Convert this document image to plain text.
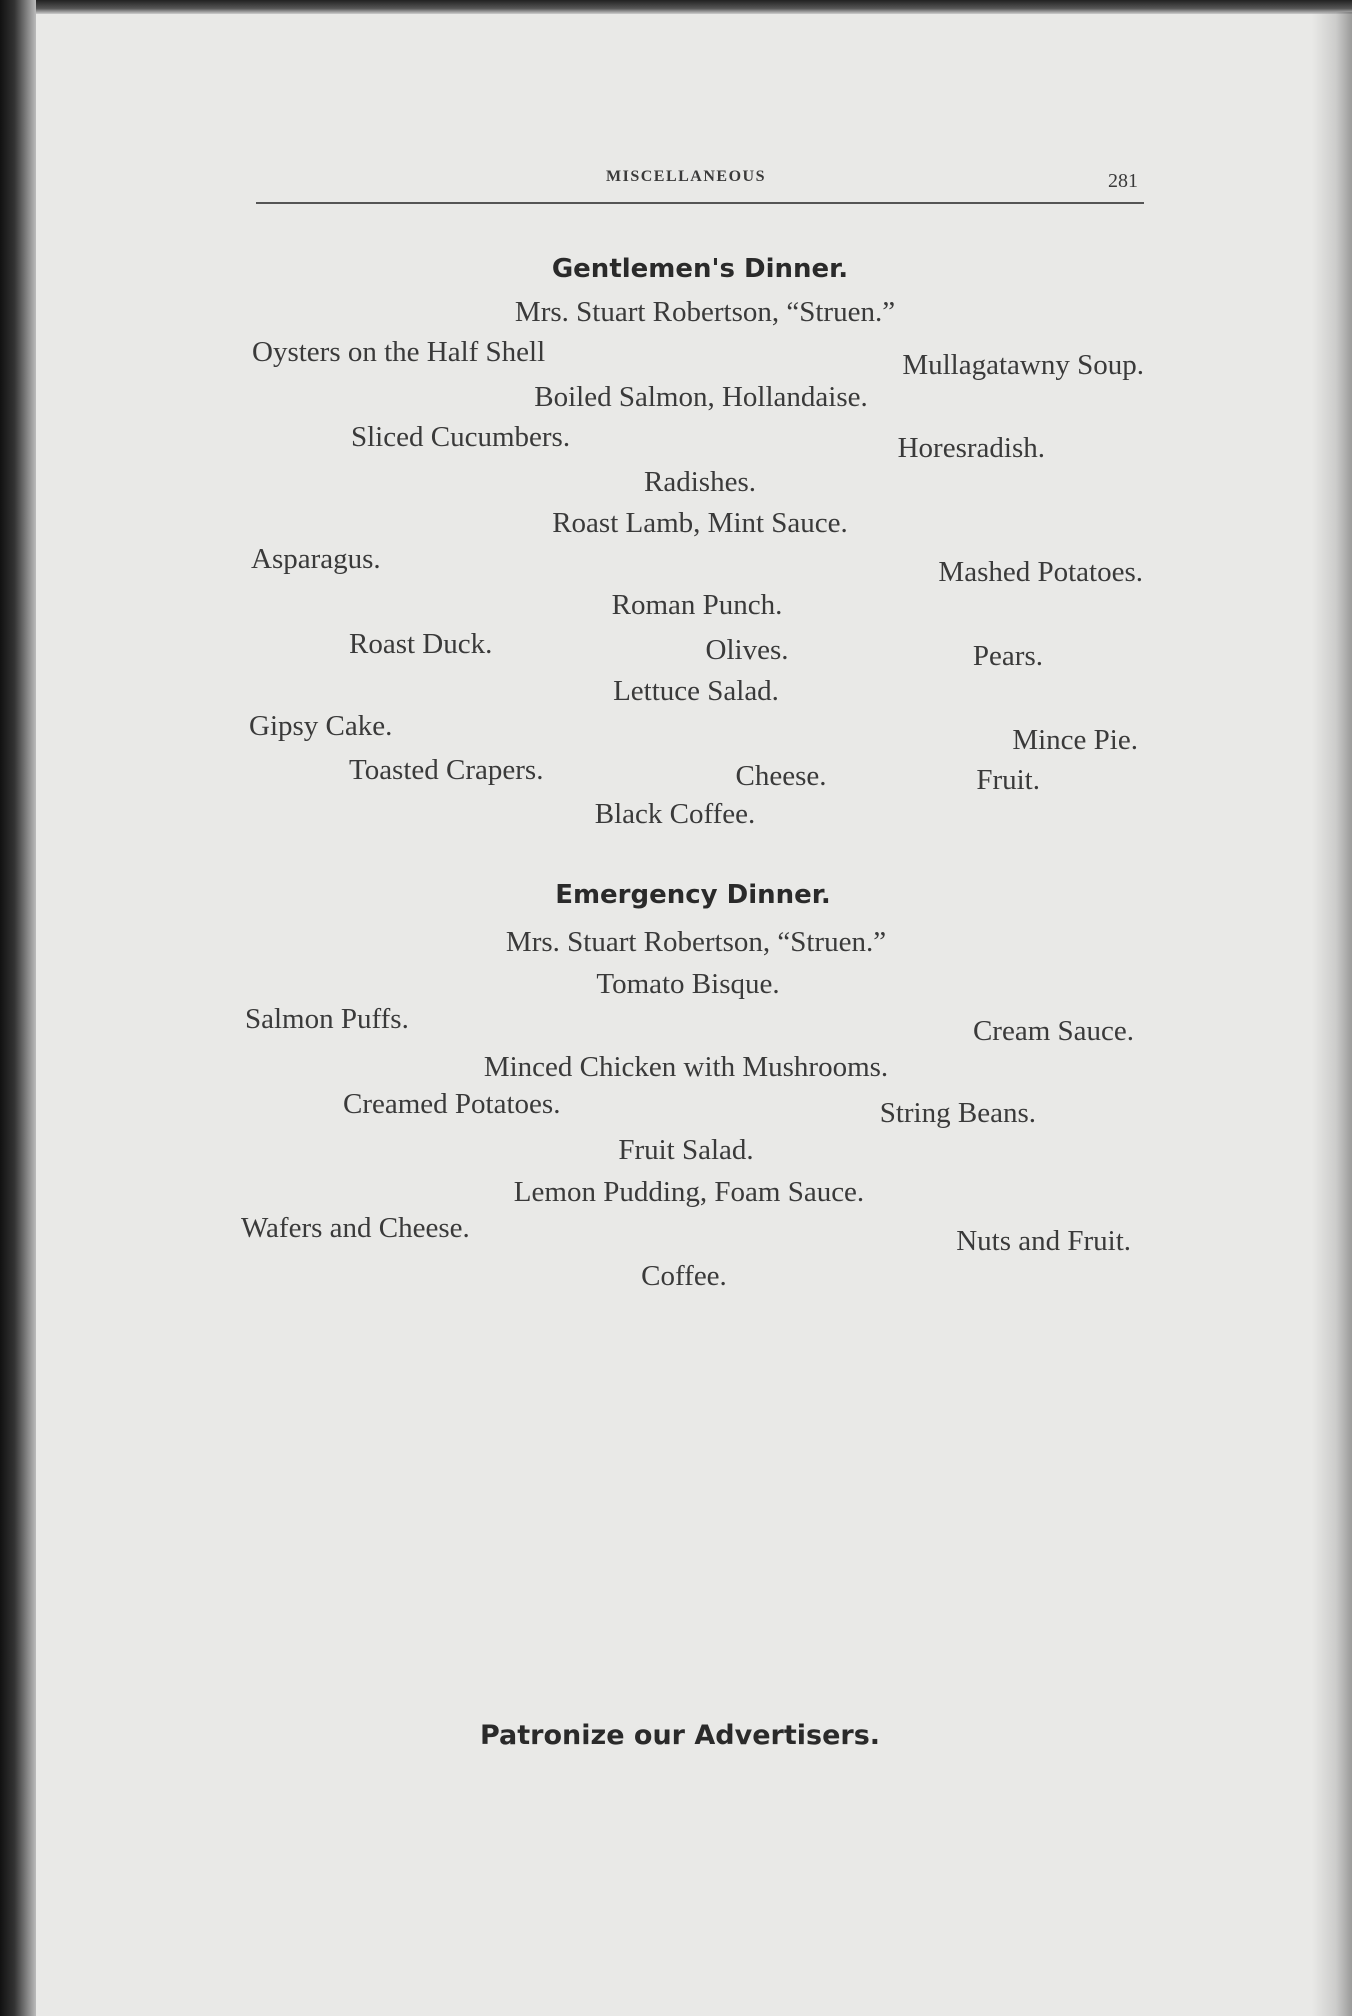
MISCELLANEOUS	281
Gentlemen's Dinner.
Mrs. Stuart Robertson, “Struen.”
Oysters on the Half Shell	Mullagatawny Soup.
Boiled Salmon, Hollandaise.
Sliced Cucumbers.	Horesradish.
Radishes.
Roast Lamb, Mint Sauce.
Asparagus.	Mashed Potatoes.
Roman Punch.
Roast Duck.	Olives.	Pears.
Lettuce Salad.
Gipsy Cake.	Mince Pie.
Toasted Crapers.	Cheese.	Fruit.
Black Coffee.
Emergency Dinner.
Mrs. Stuart Robertson, “Struen.”
Tomato Bisque.
Salmon Puffs.	Cream Sauce.
Minced Chicken with Mushrooms.
Creamed Potatoes.	String Beans.
Fruit Salad.
Lemon Pudding, Foam Sauce.
Wafers and Cheese.	Nuts and Fruit.
Coffee.
Patronize our Advertisers.
